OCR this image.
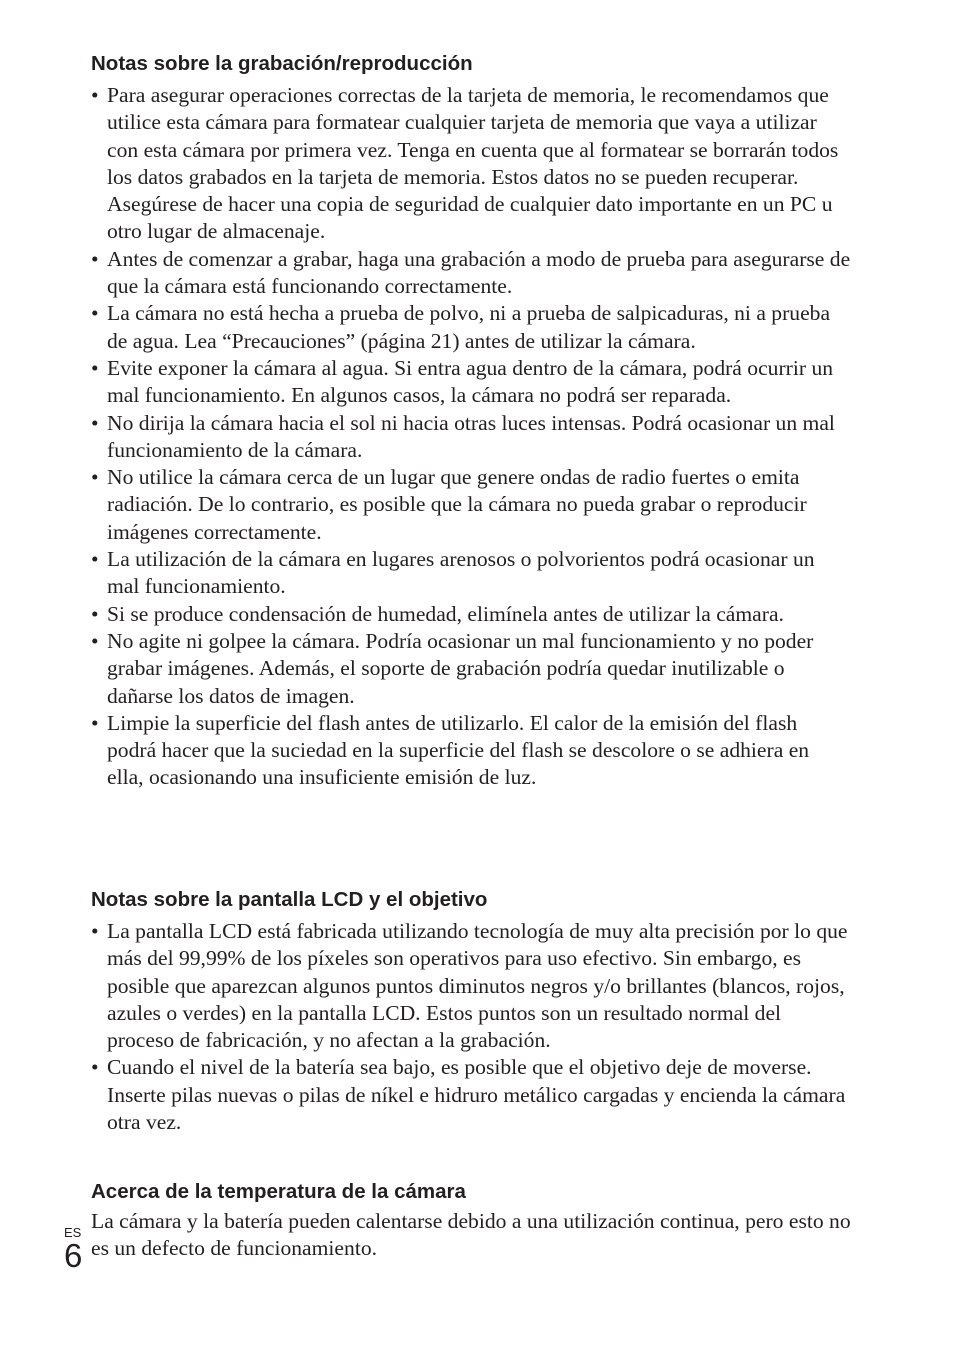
Notas sobre la grabación/reproducción
• Para asegurar operaciones correctas de la tarjeta de memoria, le recomendamos que utilice esta cámara para formatear cualquier tarjeta de memoria que vaya a utilizar con esta cámara por primera vez. Tenga en cuenta que al formatear se borrarán todos los datos grabados en la tarjeta de memoria. Estos datos no se pueden recuperar. Asegúrese de hacer una copia de seguridad de cualquier dato importante en un PC u otro lugar de almacenaje.
• Antes de comenzar a grabar, haga una grabación a modo de prueba para asegurarse de que la cámara está funcionando correctamente.
• La cámara no está hecha a prueba de polvo, ni a prueba de salpicaduras, ni a prueba de agua. Lea “Precauciones” (página 21) antes de utilizar la cámara.
• Evite exponer la cámara al agua. Si entra agua dentro de la cámara, podrá ocurrir un mal funcionamiento. En algunos casos, la cámara no podrá ser reparada.
• No dirija la cámara hacia el sol ni hacia otras luces intensas. Podrá ocasionar un mal funcionamiento de la cámara.
• No utilice la cámara cerca de un lugar que genere ondas de radio fuertes o emita radiación. De lo contrario, es posible que la cámara no pueda grabar o reproducir imágenes correctamente.
• La utilización de la cámara en lugares arenosos o polvorientos podrá ocasionar un mal funcionamiento.
• Si se produce condensación de humedad, elimínela antes de utilizar la cámara.
• No agite ni golpee la cámara. Podría ocasionar un mal funcionamiento y no poder grabar imágenes. Además, el soporte de grabación podría quedar inutilizable o dañarse los datos de imagen.
• Limpie la superficie del flash antes de utilizarlo. El calor de la emisión del flash podrá hacer que la suciedad en la superficie del flash se descolore o se adhiera en ella, ocasionando una insuficiente emisión de luz.
Notas sobre la pantalla LCD y el objetivo
• La pantalla LCD está fabricada utilizando tecnología de muy alta precisión por lo que más del 99,99% de los píxeles son operativos para uso efectivo. Sin embargo, es posible que aparezcan algunos puntos diminutos negros y/o brillantes (blancos, rojos, azules o verdes) en la pantalla LCD. Estos puntos son un resultado normal del proceso de fabricación, y no afectan a la grabación.
• Cuando el nivel de la batería sea bajo, es posible que el objetivo deje de moverse. Inserte pilas nuevas o pilas de níkel e hidruro metálico cargadas y encienda la cámara otra vez.
Acerca de la temperatura de la cámara

La cámara y la batería pueden calentarse debido a una utilización continua, pero esto no es un defecto de funcionamiento.

ES
6
